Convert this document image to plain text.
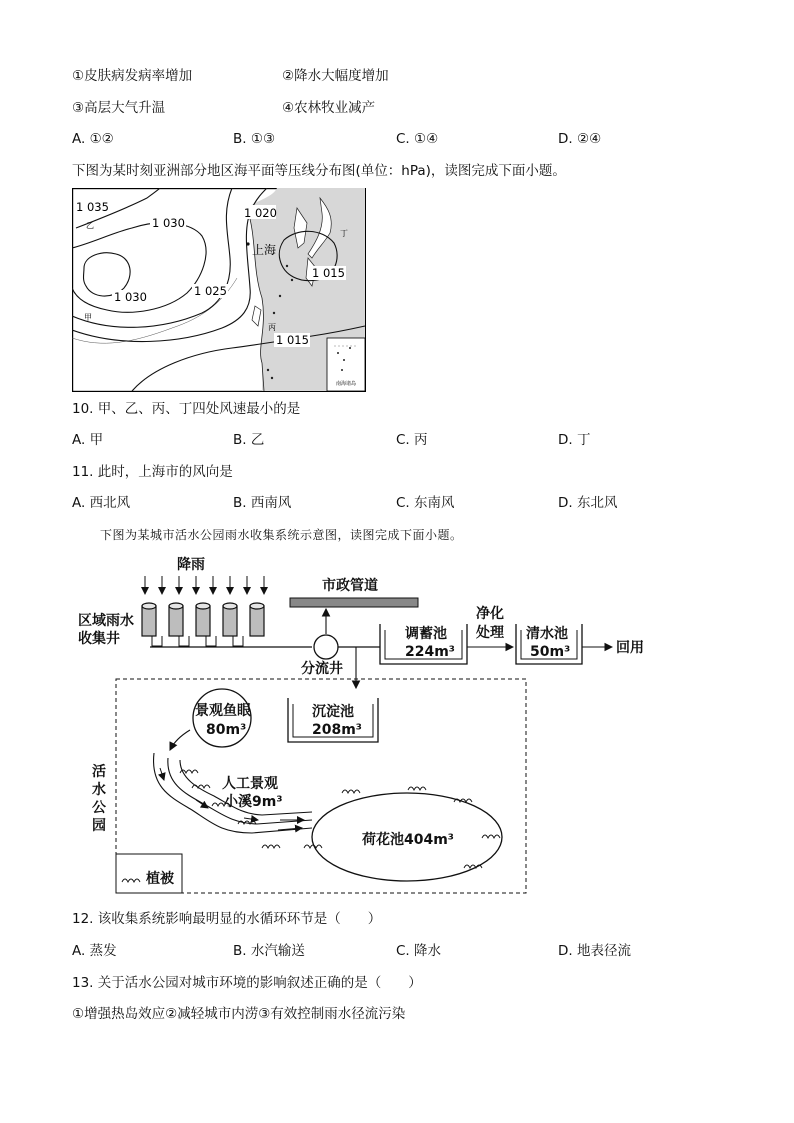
①皮肤病发病率增加	②降水大幅度增加
③高层大气升温	④农林牧业减产
A. ①②	B. ①③	C. ①④	D. ②④
下图为某时刻亚洲部分地区海平面等压线分布图(单位：hPa)，读图完成下面小题。
南海诸岛
1 035
1 030
1 020
1 030	1 025
1 015
1 015
乙
甲
丙
丁
上海
10. 甲、乙、丙、丁四处风速最小的是
A. 甲	B. 乙	C. 丙	D. 丁
11. 此时，上海市的风向是
A. 西北风	B. 西南风	C. 东南风	D. 东北风
下图为某城市活水公园雨水收集系统示意图，读图完成下面小题。
降雨
区域雨水
收集井
市政管道
分流井
调蓄池
224m³
净化
处理 清水池
50m³	回用
活
水
公
园
沉淀池
208m³
景观鱼眼
80m³
人工景观
小溪9m³
荷花池404m³
植被
12. 该收集系统影响最明显的水循环环节是（　　）
A. 蒸发	B. 水汽输送	C. 降水	D. 地表径流
13. 关于活水公园对城市环境的影响叙述正确的是（　　）
①增强热岛效应②减轻城市内涝③有效控制雨水径流污染
